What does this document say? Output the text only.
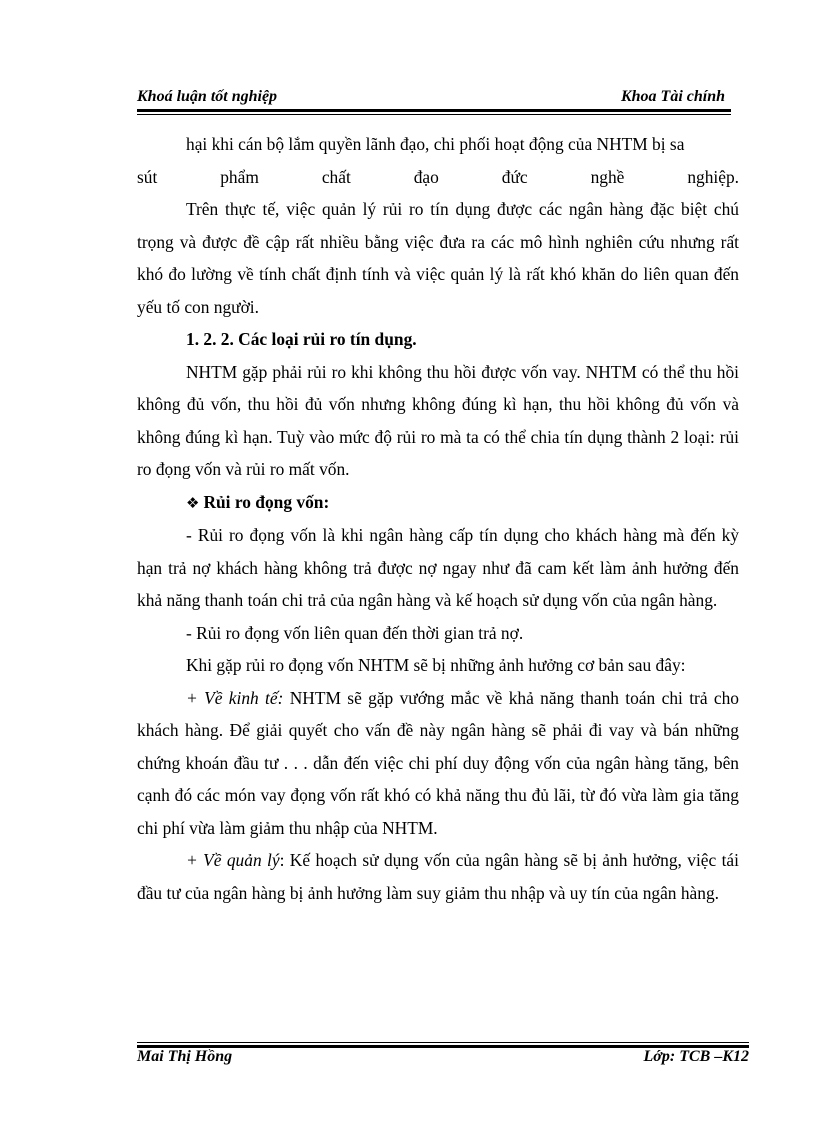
Khoá luận tốt nghiệp	Khoa Tài chính

hại khi cán bộ lắm quyền lãnh đạo, chi phối hoạt động của NHTM bị sa

sút phẩm chất đạo đức nghề nghiệp.

Trên thực tế, việc quản lý rủi ro tín dụng được các ngân hàng đặc biệt chú trọng và được đề cập rất nhiều bằng việc đưa ra các mô hình nghiên cứu nhưng rất khó đo lường về tính chất định tính và việc quản lý là rất khó khăn do liên quan đến yếu tố con người.

1. 2. 2. Các loại rủi ro tín dụng.

NHTM gặp phải rủi ro khi không thu hồi được vốn vay. NHTM có thể thu hồi không đủ vốn, thu hồi đủ vốn nhưng không đúng kì hạn, thu hồi không đủ vốn và không đúng kì hạn. Tuỳ vào mức độ rủi ro mà ta có thể chia tín dụng thành 2 loại: rủi ro đọng vốn và rủi ro mất vốn.

❖ Rủi ro đọng vốn:

- Rủi ro đọng vốn là khi ngân hàng cấp tín dụng cho khách hàng mà đến kỳ hạn trả nợ khách hàng không trả được nợ ngay như đã cam kết làm ảnh hưởng đến khả năng thanh toán chi trả của ngân hàng và kế hoạch sử dụng vốn của ngân hàng.

- Rủi ro đọng vốn liên quan đến thời gian trả nợ.

Khi gặp rủi ro đọng vốn NHTM sẽ bị những ảnh hưởng cơ bản sau đây:

+ Về kinh tế: NHTM sẽ gặp vướng mắc về khả năng thanh toán chi trả cho khách hàng. Để giải quyết cho vấn đề này ngân hàng sẽ phải đi vay và bán những chứng khoán đầu tư . . . dẫn đến việc chi phí duy động vốn của ngân hàng tăng, bên cạnh đó các món vay đọng vốn rất khó có khả năng thu đủ lãi, từ đó vừa làm gia tăng chi phí vừa làm giảm thu nhập của NHTM.

+ Về quản lý: Kế hoạch sử dụng vốn của ngân hàng sẽ bị ảnh hưởng, việc tái đầu tư của ngân hàng bị ảnh hưởng làm suy giảm thu nhập và uy tín của ngân hàng.

Mai Thị Hồng	Lớp: TCB –K12
